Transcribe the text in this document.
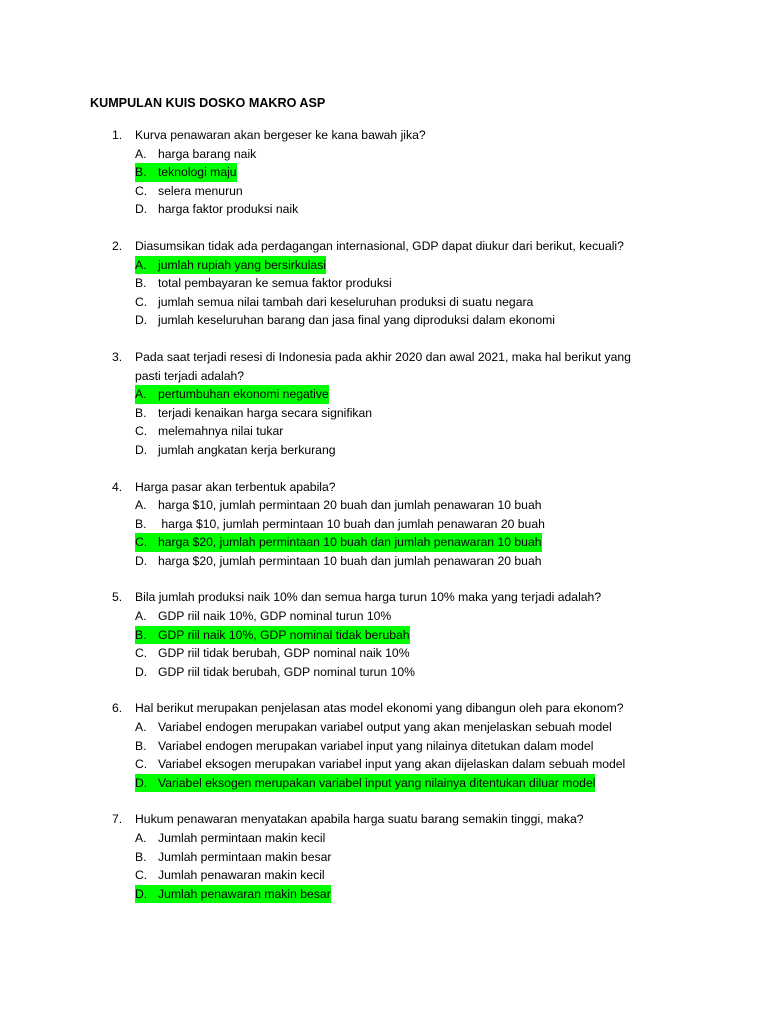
KUMPULAN KUIS DOSKO MAKRO ASP
1.	Kurva penawaran akan bergeser ke kana bawah jika?
A. harga barang naik
B. teknologi maju
C. selera menurun
D. harga faktor produksi naik
2.	Diasumsikan tidak ada perdagangan internasional, GDP dapat diukur dari berikut, kecuali?
A. jumlah rupiah yang bersirkulasi
B. total pembayaran ke semua faktor produksi
C. jumlah semua nilai tambah dari keseluruhan produksi di suatu negara
D. jumlah keseluruhan barang dan jasa final yang diproduksi dalam ekonomi
3.	Pada saat terjadi resesi di Indonesia pada akhir 2020 dan awal 2021, maka hal berikut yang pasti terjadi adalah?
A. pertumbuhan ekonomi negative
B. terjadi kenaikan harga secara signifikan
C. melemahnya nilai tukar
D. jumlah angkatan kerja berkurang
4.	Harga pasar akan terbentuk apabila?
A. harga $10, jumlah permintaan 20 buah dan jumlah penawaran 10 buah
B. harga $10, jumlah permintaan 10 buah dan jumlah penawaran 20 buah
C. harga $20, jumlah permintaan 10 buah dan jumlah penawaran 10 buah
D. harga $20, jumlah permintaan 10 buah dan jumlah penawaran 20 buah
5.	Bila jumlah produksi naik 10% dan semua harga turun 10% maka yang terjadi adalah?
A. GDP riil naik 10%, GDP nominal turun 10%
B. GDP riil naik 10%, GDP nominal tidak berubah
C. GDP riil tidak berubah, GDP nominal naik 10%
D. GDP riil tidak berubah, GDP nominal turun 10%
6.	Hal berikut merupakan penjelasan atas model ekonomi yang dibangun oleh para ekonom?
A. Variabel endogen merupakan variabel output yang akan menjelaskan sebuah model
B. Variabel endogen merupakan variabel input yang nilainya ditetukan dalam model
C. Variabel eksogen merupakan variabel input yang akan dijelaskan dalam sebuah model
D. Variabel eksogen merupakan variabel input yang nilainya ditentukan diluar model
7.	Hukum penawaran menyatakan apabila harga suatu barang semakin tinggi, maka?
A. Jumlah permintaan makin kecil
B. Jumlah permintaan makin besar
C. Jumlah penawaran makin kecil
D. Jumlah penawaran makin besar
